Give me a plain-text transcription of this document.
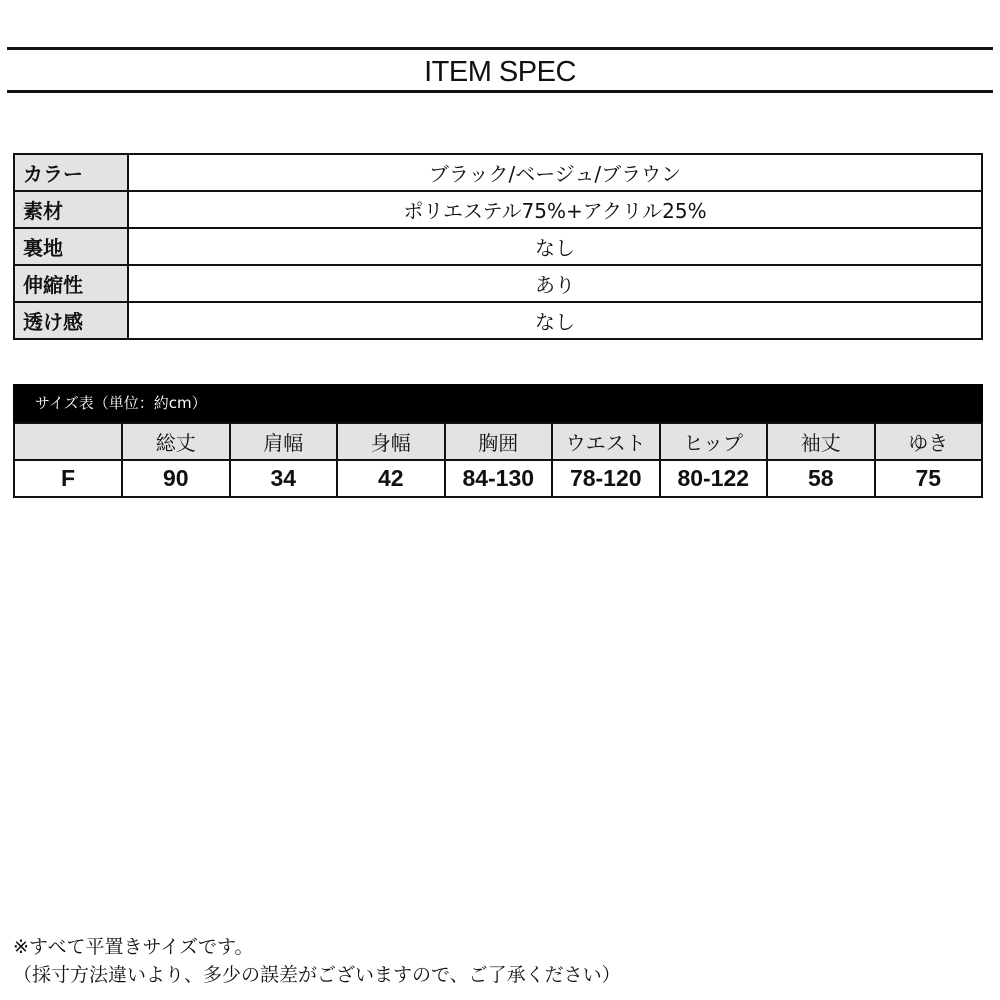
ITEM SPEC
カラー	ブラック/ベージュ/ブラウン
素材	ポリエステル75%+アクリル25%
裏地	なし
伸縮性	あり
透け感	なし
サイズ表（単位：約cm）
	総丈	肩幅	身幅	胸囲	ウエスト	ヒップ	袖丈	ゆき
F	90	34	42	84-130	78-120	80-122	58	75
※すべて平置きサイズです。
（採寸方法違いより、多少の誤差がございますので、ご了承ください）
